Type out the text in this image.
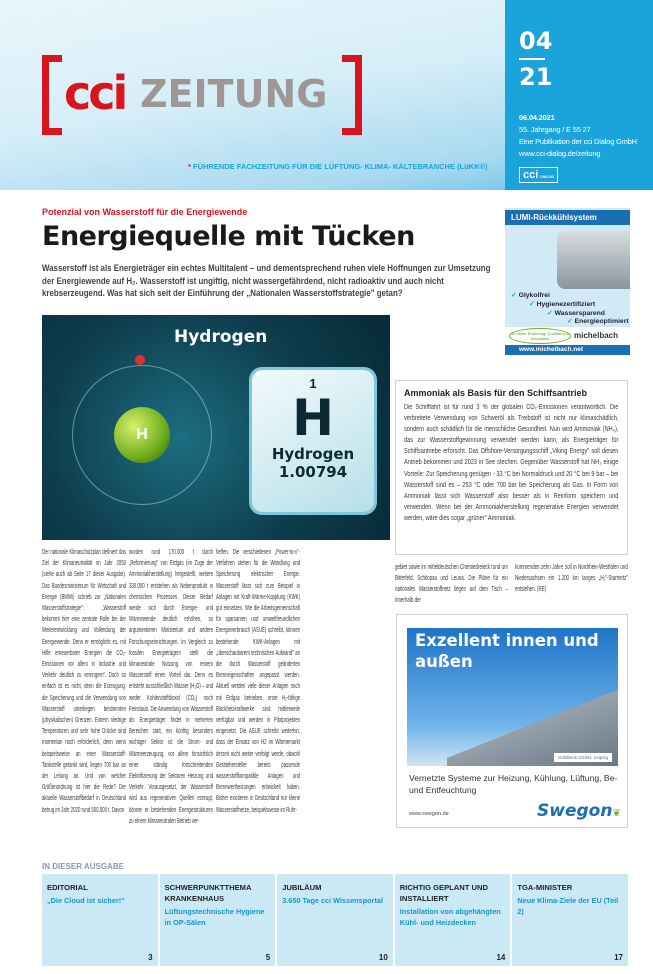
cci ZEITUNG
* FÜHRENDE FACHZEITUNG FÜR DIE LÜFTUNG- KLIMA- KÄLTEBRANCHE (LüKK®)
04
21
06.04.2021
55. Jahrgang / E 55 27
Eine Publikation der cci Dialog GmbH
www.cci-dialog.de/zeitung
cci DIALOG
Potenzial von Wasserstoff für die Energiewende
Energiequelle mit Tücken

Wasserstoff ist als Energieträger ein echtes Multitalent – und dementsprechend ruhen viele Hoffnungen zur Umsetzung der Energiewende auf H₂. Wasserstoff ist ungiftig, nicht wassergefährdend, nicht radioaktiv und auch nicht krebserzeugend. Was hat sich seit der Einführung der „Nationalen Wasserstoffstrategie" getan?

Hydrogen
H
1
H
Hydrogen
1.00794
Der nationale Klimaschutzplan definiert das Ziel der Klimaneutralität im Jahr 2050 (siehe auch ab Seite 17 dieser Ausgabe). Das Bundesministerium für Wirtschaft und Energie (BMWi) schrieb zur „Nationalen Wasserstoffstrategie": „Wasserstoff bekommt hier eine zentrale Rolle bei der Weiterentwicklung und Vollendung der Energiewende. Denn er ermöglicht es, mit Hilfe erneuerbarer Energien die CO₂-Emissionen vor allem in Industrie und Verkehr deutlich zu verringern". Doch so einfach ist es nicht, denn die Erzeugung, die Speicherung und die Verwendung von Wasserstoff unterliegen bestimmten (physikalischen) Grenzen. Extrem niedrige Temperaturen und sehr hohe Drücke sind momentan noch erforderlich, denn wenn beispielsweise an einer Wasserstoff-Tankstelle getankt wird, liegen 700 bar an der Leitung an. Und von welcher Größenordnung ist hier die Rede? Der aktuelle Wasserstoffbedarf in Deutschland betrug im Jahr 2020 rund 500.000 t. Davon
wurden rund 170.000 t durch „Reformierung" von Erdgas (im Zuge der Ammoniakherstellung) hergestellt, weitere 330.000 t entstehen als Nebenprodukt in chemischen Prozessen. Dieser Bedarf werde sich durch Energie- und Wärmewende deutlich erhöhen, so argumentieren Ministerium und andere Forschungseinrichtungen. Im Vergleich zu fossilen Energieträgern stellt die klimaneutrale Nutzung von reinem Wasserstoff einen Vorteil dar. Denn es entsteht ausschließlich Wasser (H₂O) – und weder Kohlenstoffdioxid (CO₂) noch Feinstaub. Die Anwendung von Wasserstoff als Energieträger findet in mehreren Bereichen statt, ein künftig besonders wichtiger Sektor ist die Strom- und Wärmeerzeugung, vor allem hinsichtlich einer ständig fortschreitenden Elektrifizierung der Sektoren Heizung und Verkehr. Vorausgesetzt, der Wasserstoff wird aus regenerativen Quellen erzeugt, könnte er bestehenden Energiestrukturen zu einem klimaneutralen Betrieb ver-
helfen. Die verschiedenen „Power-to-x"-Verfahren stehen für die Wandlung und Speicherung elektrischer Energie. Wasserstoff lässt sich zum Beispiel in Anlagen mit Kraft-Wärme-Kopplung (KWK) gut einsetzen. Wie die Arbeitsgemeinschaft für sparsamen und umweltfreundlichen Energieverbrauch (ASUE) schreibt, können bestehende KWK-Anlagen mit „überschaubarem technischen Aufwand" an die durch Wasserstoff geänderten Brenneigenschaften angepasst werden. Aktuell werden viele dieser Anlagen noch mit Erdgas betrieben, erste H₂-fähige Blockheizkraftwerke sind mittlerweile verfügbar und werden in Pilotprojekten eingesetzt. Die ASUE schreibt weiterhin, dass der Einsatz von H2 im Wärmemarkt derzeit nicht weiter verfolgt werde, obwohl Gerätehersteller bereits passende wasserstoffkompatible Anlagen und Brennwertheizungen entwickelt haben. Bisher existieren in Deutschland nur kleine Wasserstoffnetze, beispielsweise im Ruhr-
gebiet sowie im mitteldeutschen Chemiedreieck rund um Bitterfeld, Schkopau und Leuna. Die Pläne für ein nationales Wasserstoffnetz liegen auf dem Tisch – innerhalb der
kommenden zehn Jahre soll in Nordrhein-Westfalen und Niedersachsen ein 1.200 km langes „H₂"-Startnetz" entstehen. (RE)
LUMI-Rückkühlsystem
✓ Glykolfrei
✓ Hygienezertifiziert
✓ Wassersparend
✓ Energieoptimiert
50 Jahre Erfahrung, Qualität und Innovation	michelbach
www.michelbach.net
Ammoniak als Basis für den Schiffsantrieb

Die Schifffahrt ist für rund 3 % der globalen CO₂-Emissionen verantwortlich. Die verbreitete Verwendung von Schweröl als Treibstoff ist nicht nur klimaschädlich, sondern auch schädlich für die menschliche Gesundheit. Nun wird Ammoniak (NH₃), das zur Wasserstoffgewinnung verwendet werden kann, als Energieträger für Schiffsantriebe erforscht. Das Offshore-Versorgungsschiff „Viking Energy" soll diesen Antrieb bekommen und 2023 in See stechen. Gegenüber Wasserstoff hat NH₃ einige Vorteile: Zur Speicherung genügen - 33 °C bei Normaldruck und 20 °C bei 9 bar – bei Wasserstoff sind es – 253 °C oder 700 bar bei Speicherung als Gas. In Form von Ammoniak lässt sich Wasserstoff also besser als in Reinform speichern und verwenden. Wenn bei der Ammoniakherstellung regenerative Energien verwendet werden, wäre dies sogar „grüner" Ammoniak.

Exzellent innen und außen
Goldbeck GmbH, Leipzig
Vernetzte Systeme zur Heizung, Kühlung, Lüftung, Be- und Entfeuchtung
www.swegon.de	Swegon❦
IN DIESER AUSGABE
EDITORIAL
„Die Cloud ist sicher!"
3
SCHWERPUNKTTHEMA KRANKENHAUS
Lüftungstechnische Hygiene in OP-Sälen
5
JUBILÄUM
3.650 Tage cci Wissensportal
10
RICHTIG GEPLANT UND INSTALLIERT
Installation von abgehängten Kühl- und Heizdecken
14
TGA-MINISTER
Neue Klima-Ziele der EU (Teil 2)
17
